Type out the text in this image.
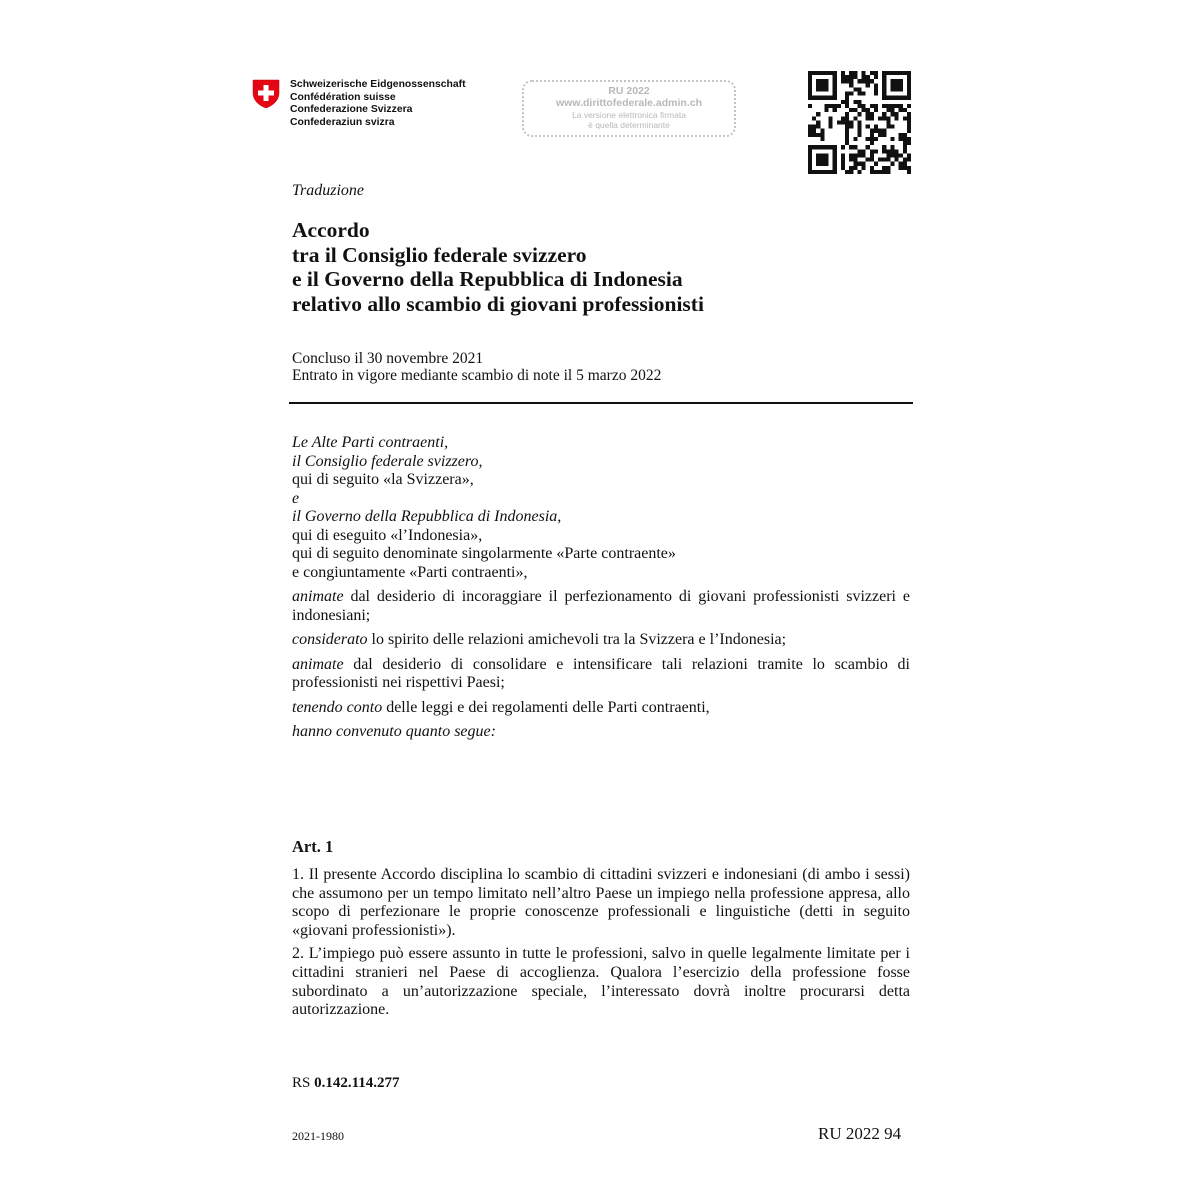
Schweizerische Eidgenossenschaft
Confédération suisse
Confederazione Svizzera
Confederaziun svizra
RU 2022
www.dirittofederale.admin.ch
La versione elettronica firmata
è quella determinante
Traduzione
Accordo
tra il Consiglio federale svizzero
e il Governo della Repubblica di Indonesia
relativo allo scambio di giovani professionisti
Concluso il 30 novembre 2021
Entrato in vigore mediante scambio di note il 5 marzo 2022
Le Alte Parti contraenti,
il Consiglio federale svizzero,
qui di seguito «la Svizzera»,
e
il Governo della Repubblica di Indonesia,
qui di eseguito «l’Indonesia»,
qui di seguito denominate singolarmente «Parte contraente»
e congiuntamente «Parti contraenti»,
animate dal desiderio di incoraggiare il perfezionamento di giovani professionisti svizzeri e indonesiani;
considerato lo spirito delle relazioni amichevoli tra la Svizzera e l’Indonesia;
animate dal desiderio di consolidare e intensificare tali relazioni tramite lo scambio di professionisti nei rispettivi Paesi;
tenendo conto delle leggi e dei regolamenti delle Parti contraenti,
hanno convenuto quanto segue:
Art. 1

1. Il presente Accordo disciplina lo scambio di cittadini svizzeri e indonesiani (di ambo i sessi) che assumono per un tempo limitato nell’altro Paese un impiego nella professione appresa, allo scopo di perfezionare le proprie conoscenze professionali e linguistiche (detti in seguito «giovani professionisti»).

2. L’impiego può essere assunto in tutte le professioni, salvo in quelle legalmente limitate per i cittadini stranieri nel Paese di accoglienza. Qualora l’esercizio della professione fosse subordinato a un’autorizzazione speciale, l’interessato dovrà inoltre procurarsi detta autorizzazione.

RS 0.142.114.277
2021-1980	RU 2022 94
